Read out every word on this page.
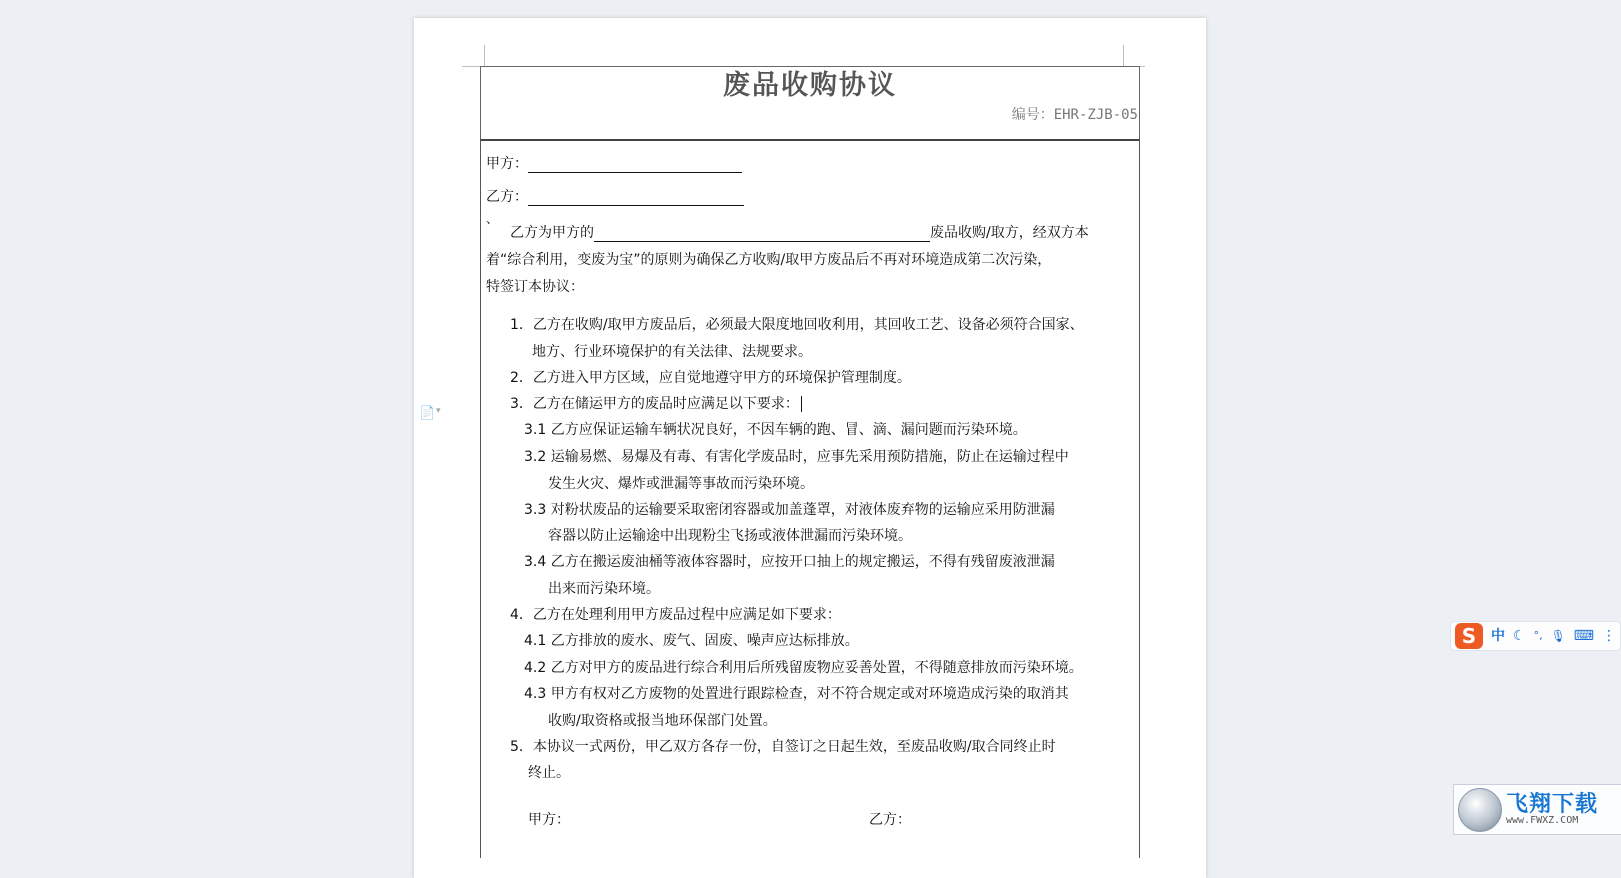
废品收购协议
编号：EHR-ZJB-05
甲方：
乙方：
、
乙方为甲方的	废品收购/取方，经双方本
着“综合利用，变废为宝”的原则为确保乙方收购/取甲方废品后不再对环境造成第二次污染，
特签订本协议：
1．乙方在收购/取甲方废品后，必须最大限度地回收利用，其回收工艺、设备必须符合国家、
地方、行业环境保护的有关法律、法规要求。
2．乙方进入甲方区域，应自觉地遵守甲方的环境保护管理制度。
3．乙方在储运甲方的废品时应满足以下要求：
3.1 乙方应保证运输车辆状况良好，不因车辆的跑、冒、滴、漏问题而污染环境。
3.2 运输易燃、易爆及有毒、有害化学废品时，应事先采用预防措施，防止在运输过程中
发生火灾、爆炸或泄漏等事故而污染环境。
3.3 对粉状废品的运输要采取密闭容器或加盖蓬罩，对液体废弃物的运输应采用防泄漏
容器以防止运输途中出现粉尘飞扬或液体泄漏而污染环境。
3.4 乙方在搬运废油桶等液体容器时，应按开口抽上的规定搬运，不得有残留废液泄漏
出来而污染环境。
4．乙方在处理利用甲方废品过程中应满足如下要求：
4.1 乙方排放的废水、废气、固废、噪声应达标排放。
4.2 乙方对甲方的废品进行综合利用后所残留废物应妥善处置，不得随意排放而污染环境。
4.3 甲方有权对乙方废物的处置进行跟踪检查，对不符合规定或对环境造成污染的取消其
收购/取资格或报当地环保部门处置。
5．本协议一式两份，甲乙双方各存一份，自签订之日起生效，至废品收购/取合同终止时
终止。
甲方：	乙方：
📄 ▾
S	中 ☾ °, 🎙 ⌨ ⋮
飞翔下载
www.FWXZ.COM
